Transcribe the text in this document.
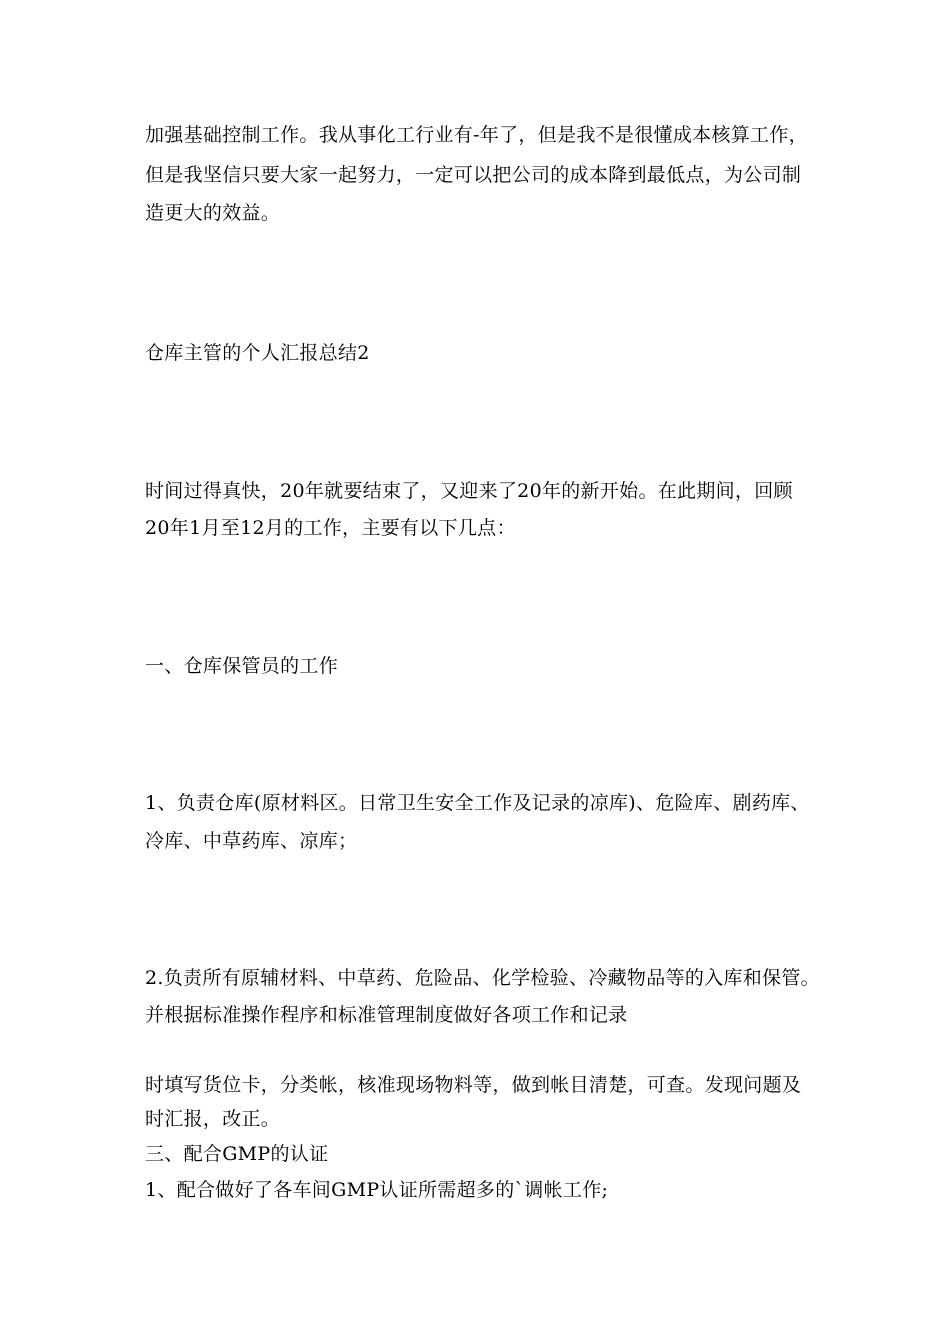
加强基础控制工作。我从事化工行业有-年了，但是我不是很懂成本核算工作，
但是我坚信只要大家一起努力，一定可以把公司的成本降到最低点，为公司制
造更大的效益。
仓库主管的个人汇报总结2
时间过得真快，20年就要结束了，又迎来了20年的新开始。在此期间，回顾
20年1月至12月的工作，主要有以下几点：
一、仓库保管员的工作
1、负责仓库(原材料区。日常卫生安全工作及记录的凉库)、危险库、剧药库、
冷库、中草药库、凉库；
2.负责所有原辅材料、中草药、危险品、化学检验、冷藏物品等的入库和保管。
并根据标准操作程序和标准管理制度做好各项工作和记录
时填写货位卡，分类帐，核准现场物料等，做到帐目清楚，可查。发现问题及
时汇报，改正。
三、配合GMP的认证
1、配合做好了各车间GMP认证所需超多的`调帐工作;
